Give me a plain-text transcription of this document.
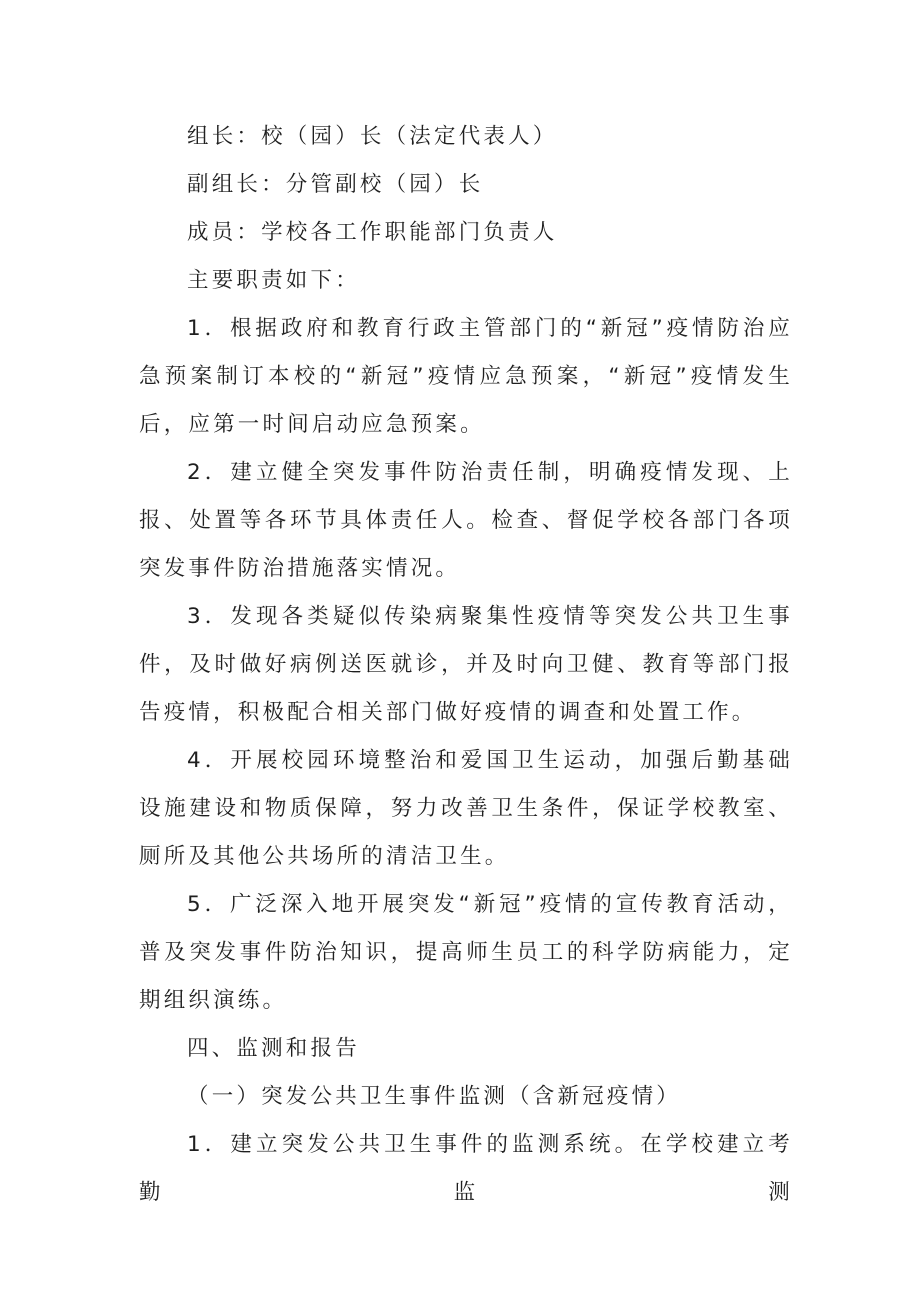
组长：校（园）长（法定代表人）

副组长：分管副校（园）长

成员：学校各工作职能部门负责人

主要职责如下：

1．根据政府和教育行政主管部门的“新冠”疫情防治应急预案制订本校的“新冠”疫情应急预案，“新冠”疫情发生后，应第一时间启动应急预案。

2．建立健全突发事件防治责任制，明确疫情发现、上报、处置等各环节具体责任人。检查、督促学校各部门各项突发事件防治措施落实情况。

3．发现各类疑似传染病聚集性疫情等突发公共卫生事件，及时做好病例送医就诊，并及时向卫健、教育等部门报告疫情，积极配合相关部门做好疫情的调查和处置工作。

4．开展校园环境整治和爱国卫生运动，加强后勤基础设施建设和物质保障，努力改善卫生条件，保证学校教室、厕所及其他公共场所的清洁卫生。

5．广泛深入地开展突发“新冠”疫情的宣传教育活动，普及突发事件防治知识，提高师生员工的科学防病能力，定期组织演练。

四、监测和报告

（一）突发公共卫生事件监测（含新冠疫情）

1．建立突发公共卫生事件的监测系统。在学校建立考勤监测
